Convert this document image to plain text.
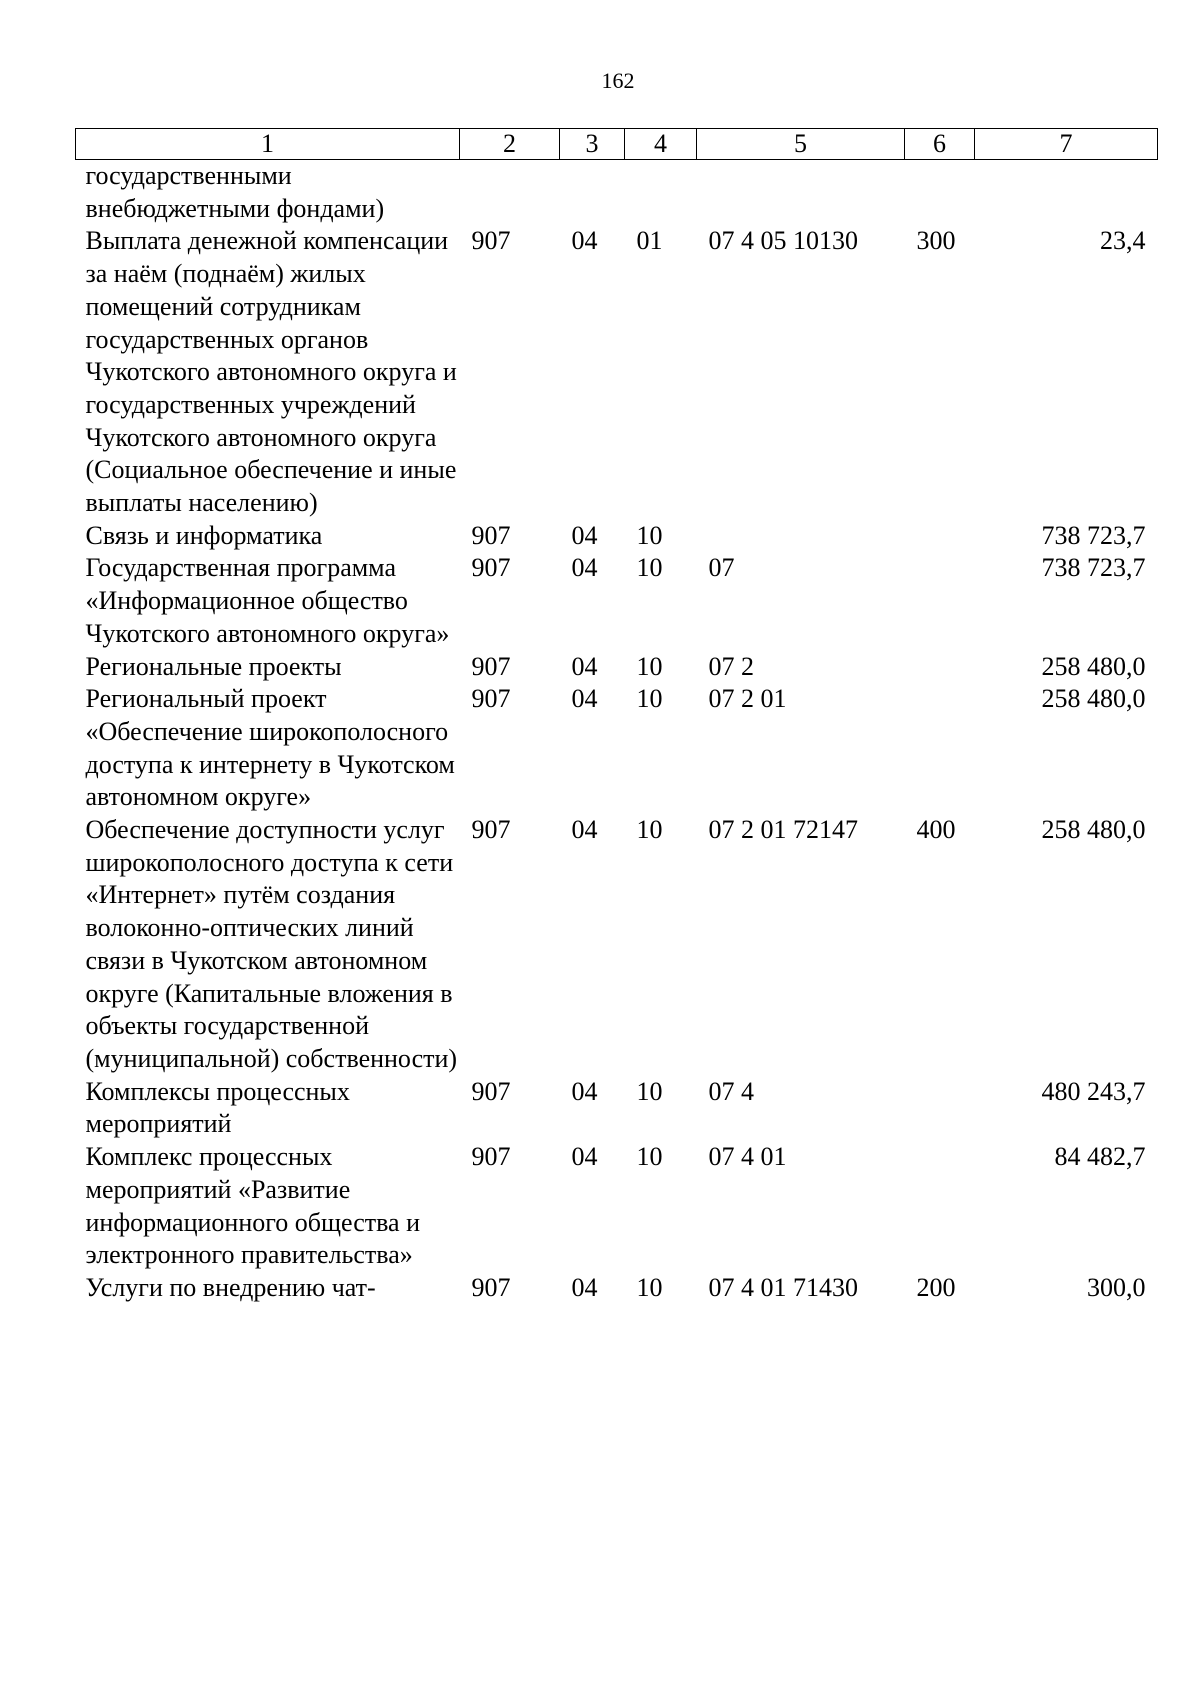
162
1	2	3	4	5	6	7
государственными внебюджетными фондами)						
Выплата денежной компенсации за наём (поднаём) жилых помещений сотрудникам государственных органов Чукотского автономного округа и государственных учреждений Чукотского автономного округа (Социальное обеспечение и иные выплаты населению)	907	04	01	07 4 05 10130	300	23,4
Связь и информатика	907	04	10			738 723,7
Государственная программа «Информационное общество Чукотского автономного округа»	907	04	10	07		738 723,7
Региональные проекты	907	04	10	07 2		258 480,0
Региональный проект «Обеспечение широкополосного доступа к интернету в Чукотском автономном округе»	907	04	10	07 2 01		258 480,0
Обеспечение доступности услуг широкополосного доступа к сети «Интернет» путём создания волоконно-оптических линий связи в Чукотском автономном округе (Капитальные вложения в объекты государственной (муниципальной) собственности)	907	04	10	07 2 01 72147	400	258 480,0
Комплексы процессных мероприятий	907	04	10	07 4		480 243,7
Комплекс процессных мероприятий «Развитие информационного общества и электронного правительства»	907	04	10	07 4 01		84 482,7
Услуги по внедрению чат-	907	04	10	07 4 01 71430	200	300,0
